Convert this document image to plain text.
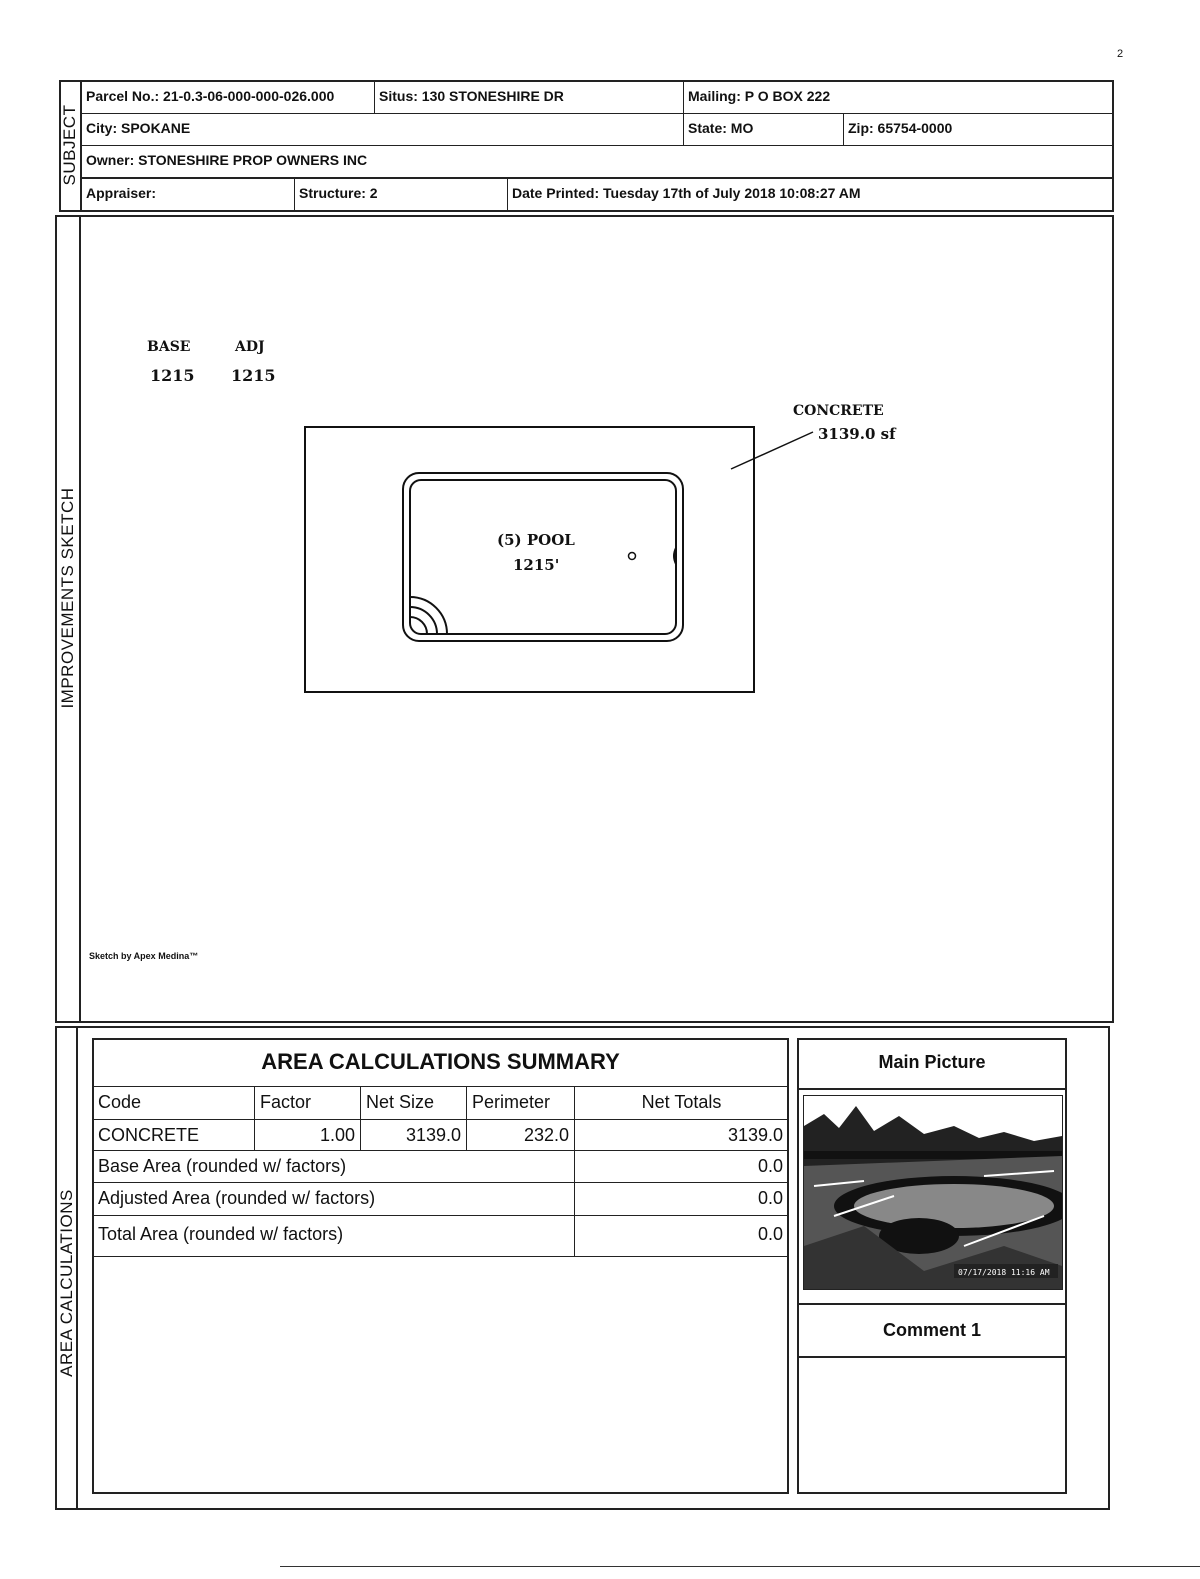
2
SUBJECT
Parcel No.: 21-0.3-06-000-000-026.000	Situs: 130 STONESHIRE DR	Mailing: P O BOX 222
City: SPOKANE	State: MO	Zip: 65754-0000
Owner: STONESHIRE PROP OWNERS INC
Appraiser:	Structure: 2	Date Printed: Tuesday 17th of July 2018 10:08:27 AM
IMPROVEMENTS SKETCH
BASE
1215
ADJ
1215
CONCRETE
3139.0 sf
(5) POOL
1215'
Sketch by Apex Medina™
AREA CALCULATIONS
AREA CALCULATIONS SUMMARY
Code	Factor	Net Size	Perimeter	Net Totals
CONCRETE	1.00	3139.0	232.0	3139.0
Base Area (rounded w/ factors)	0.0
Adjusted Area (rounded w/ factors)	0.0
Total Area (rounded w/ factors)	0.0
Main Picture
07/17/2018 11:16 AM
Comment 1
